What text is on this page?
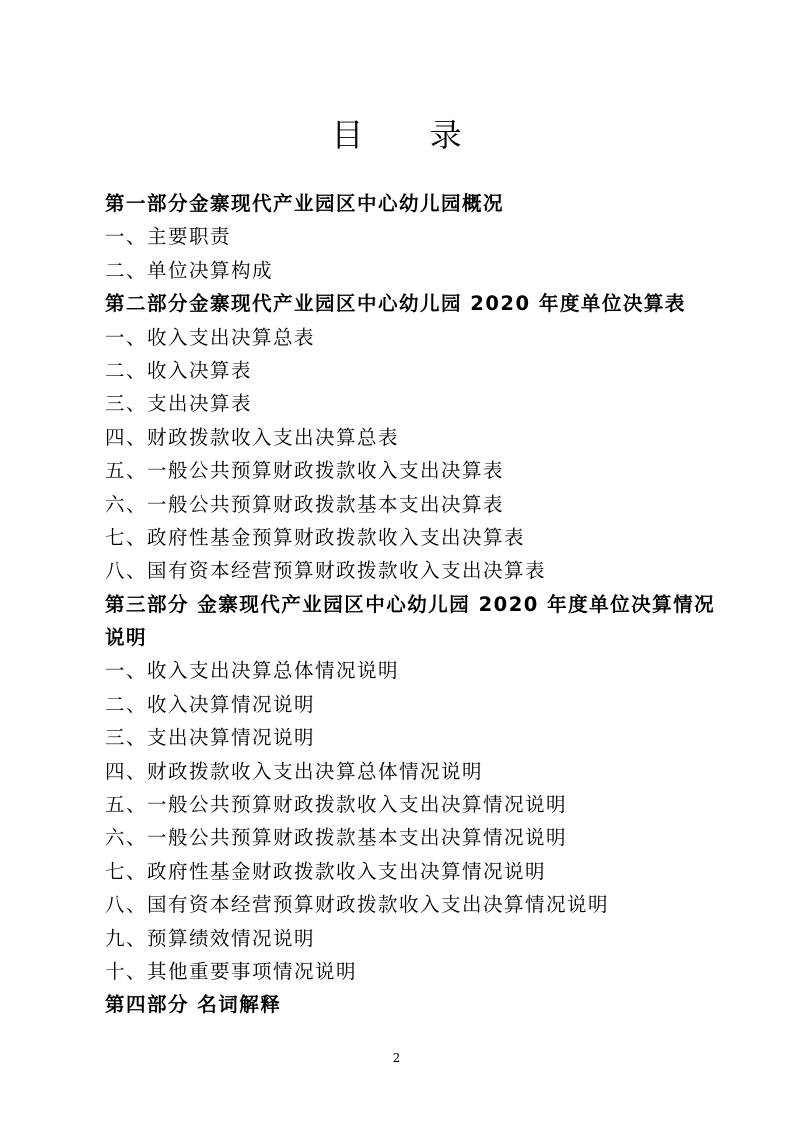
目 录
第一部分金寨现代产业园区中心幼儿园概况
一、主要职责
二、单位决算构成
第二部分金寨现代产业园区中心幼儿园 2020 年度单位决算表
一、收入支出决算总表
二、收入决算表
三、支出决算表
四、财政拨款收入支出决算总表
五、一般公共预算财政拨款收入支出决算表
六、一般公共预算财政拨款基本支出决算表
七、政府性基金预算财政拨款收入支出决算表
八、国有资本经营预算财政拨款收入支出决算表
第三部分 金寨现代产业园区中心幼儿园 2020 年度单位决算情况
说明
一、收入支出决算总体情况说明
二、收入决算情况说明
三、支出决算情况说明
四、财政拨款收入支出决算总体情况说明
五、一般公共预算财政拨款收入支出决算情况说明
六、一般公共预算财政拨款基本支出决算情况说明
七、政府性基金财政拨款收入支出决算情况说明
八、国有资本经营预算财政拨款收入支出决算情况说明
九、预算绩效情况说明
十、其他重要事项情况说明
第四部分 名词解释
2
